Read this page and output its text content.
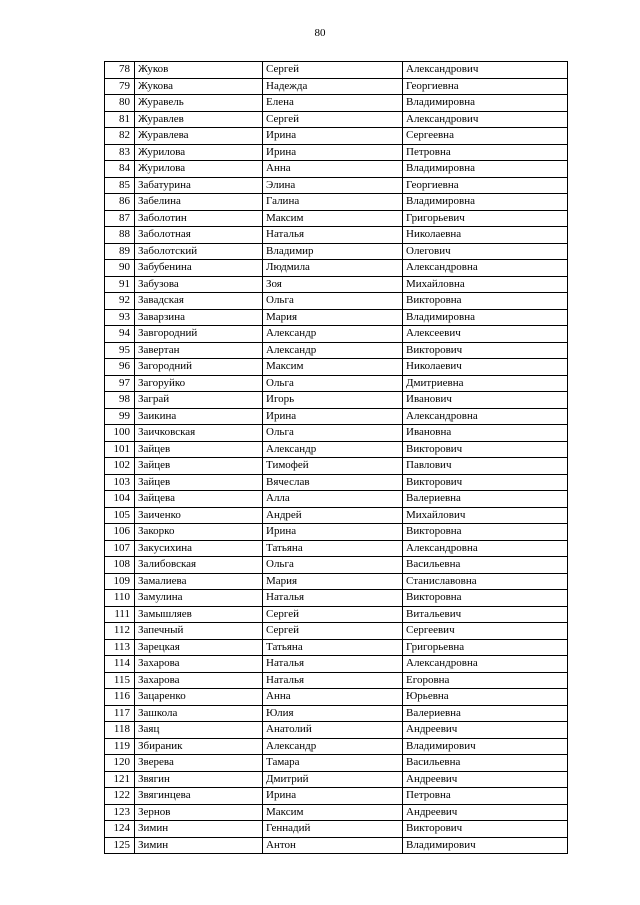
80
78	Жуков	Сергей	Александрович
79	Жукова	Надежда	Георгиевна
80	Журавель	Елена	Владимировна
81	Журавлев	Сергей	Александрович
82	Журавлева	Ирина	Сергеевна
83	Журилова	Ирина	Петровна
84	Журилова	Анна	Владимировна
85	Забатурина	Элина	Георгиевна
86	Забелина	Галина	Владимировна
87	Заболотин	Максим	Григорьевич
88	Заболотная	Наталья	Николаевна
89	Заболотский	Владимир	Олегович
90	Забубенина	Людмила	Александровна
91	Забузова	Зоя	Михайловна
92	Завадская	Ольга	Викторовна
93	Заварзина	Мария	Владимировна
94	Завгородний	Александр	Алексеевич
95	Завертан	Александр	Викторович
96	Загородний	Максим	Николаевич
97	Загоруйко	Ольга	Дмитриевна
98	Заграй	Игорь	Иванович
99	Заикина	Ирина	Александровна
100	Заичковская	Ольга	Ивановна
101	Зайцев	Александр	Викторович
102	Зайцев	Тимофей	Павлович
103	Зайцев	Вячеслав	Викторович
104	Зайцева	Алла	Валериевна
105	Заиченко	Андрей	Михайлович
106	Закорко	Ирина	Викторовна
107	Закусихина	Татьяна	Александровна
108	Залибовская	Ольга	Васильевна
109	Замалиева	Мария	Станиславовна
110	Замулина	Наталья	Викторовна
111	Замышляев	Сергей	Витальевич
112	Запечный	Сергей	Сергеевич
113	Зарецкая	Татьяна	Григорьевна
114	Захарова	Наталья	Александровна
115	Захарова	Наталья	Егоровна
116	Зацаренко	Анна	Юрьевна
117	Зашкола	Юлия	Валериевна
118	Заяц	Анатолий	Андреевич
119	Збираник	Александр	Владимирович
120	Зверева	Тамара	Васильевна
121	Звягин	Дмитрий	Андреевич
122	Звягинцева	Ирина	Петровна
123	Зернов	Максим	Андреевич
124	Зимин	Геннадий	Викторович
125	Зимин	Антон	Владимирович
